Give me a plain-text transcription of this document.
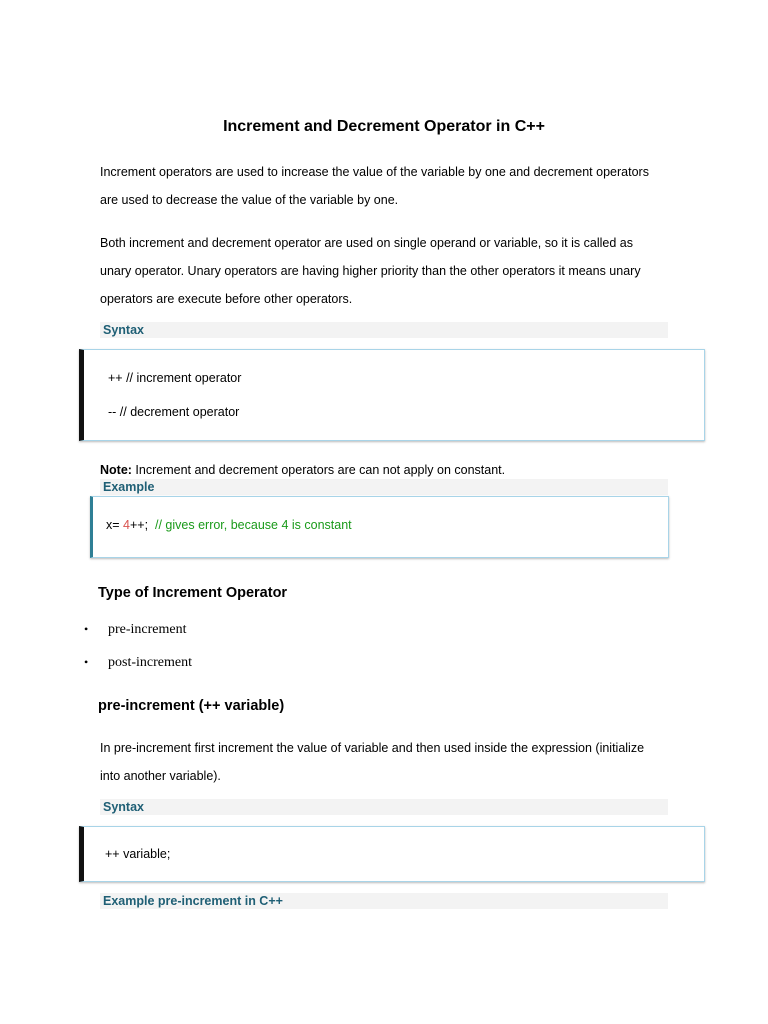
Increment and Decrement Operator in C++
Increment operators are used to increase the value of the variable by one and decrement operators
are used to decrease the value of the variable by one.
Both increment and decrement operator are used on single operand or variable, so it is called as
unary operator. Unary operators are having higher priority than the other operators it means unary
operators are execute before other operators.
Syntax
++ // increment operator
-- // decrement operator
Note: Increment and decrement operators are can not apply on constant.
Example
x= 4++;  // gives error, because 4 is constant
Type of Increment Operator
• pre-increment
• post-increment
pre-increment (++ variable)
In pre-increment first increment the value of variable and then used inside the expression (initialize
into another variable).
Syntax
++ variable;
Example pre-increment in C++
